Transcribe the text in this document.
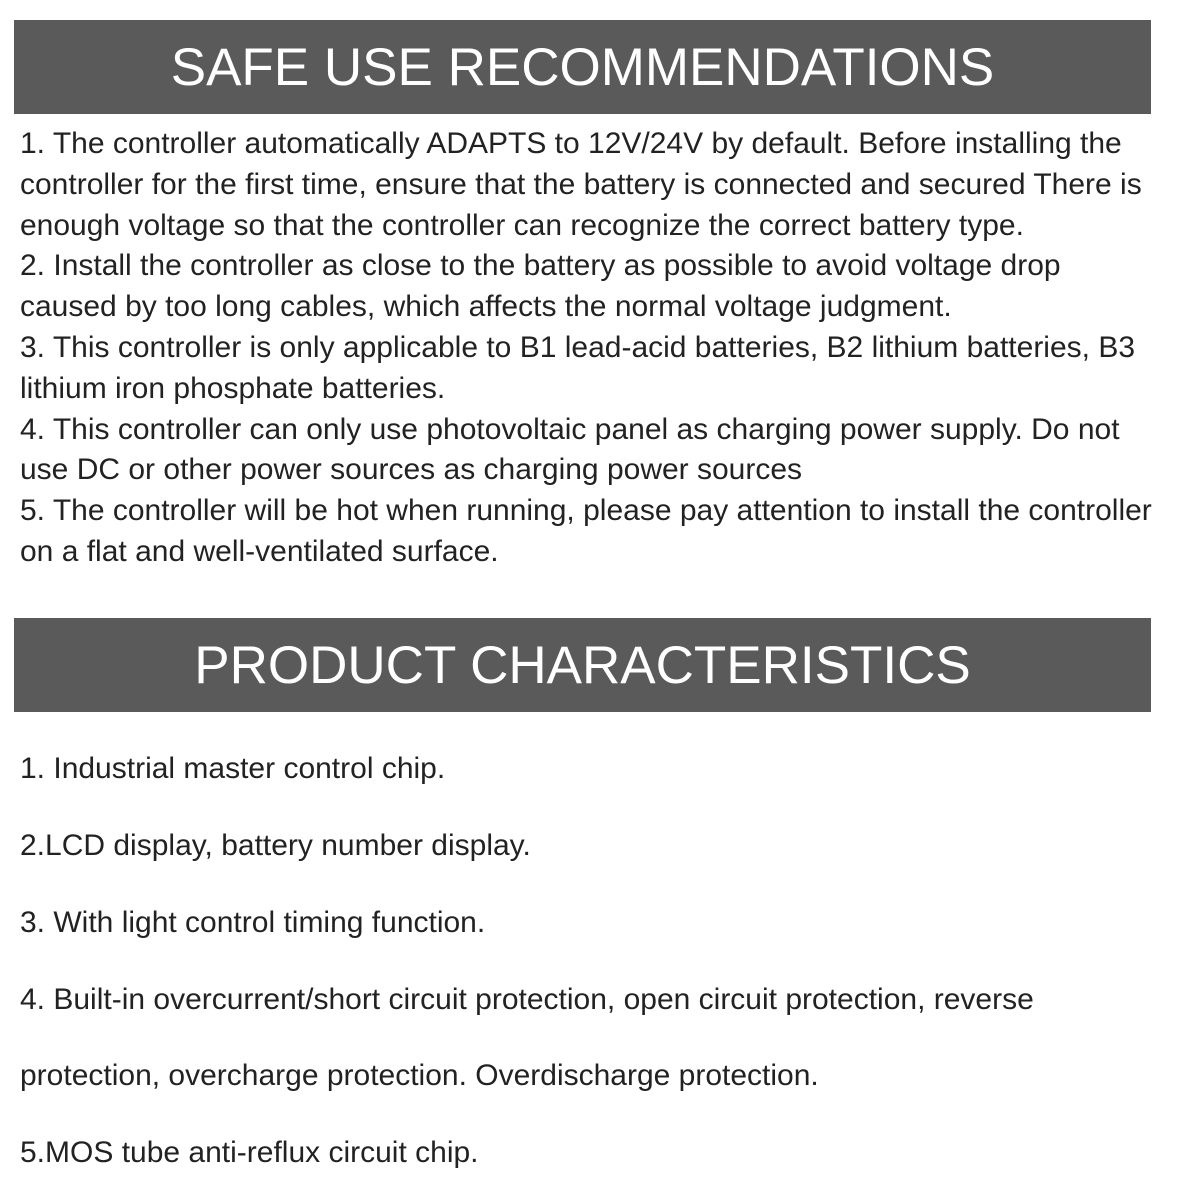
SAFE USE RECOMMENDATIONS
1. The controller automatically ADAPTS to 12V/24V by default. Before installing the controller for the first time, ensure that the battery is connected and secured There is enough voltage so that the controller can recognize the correct battery type.
2. Install the controller as close to the battery as possible to avoid voltage drop caused by too long cables, which affects the normal voltage judgment.
3. This controller is only applicable to B1 lead-acid batteries, B2 lithium batteries, B3 lithium iron phosphate batteries.
4. This controller can only use photovoltaic panel as charging power supply. Do not use DC or other power sources as charging power sources
5. The controller will be hot when running, please pay attention to install the controller on a flat and well-ventilated surface.
PRODUCT CHARACTERISTICS
1. Industrial master control chip.
2.LCD display, battery number display.
3. With light control timing function.
4. Built-in overcurrent/short circuit protection, open circuit protection, reverse
protection, overcharge protection. Overdischarge protection.
5.MOS tube anti-reflux circuit chip.
